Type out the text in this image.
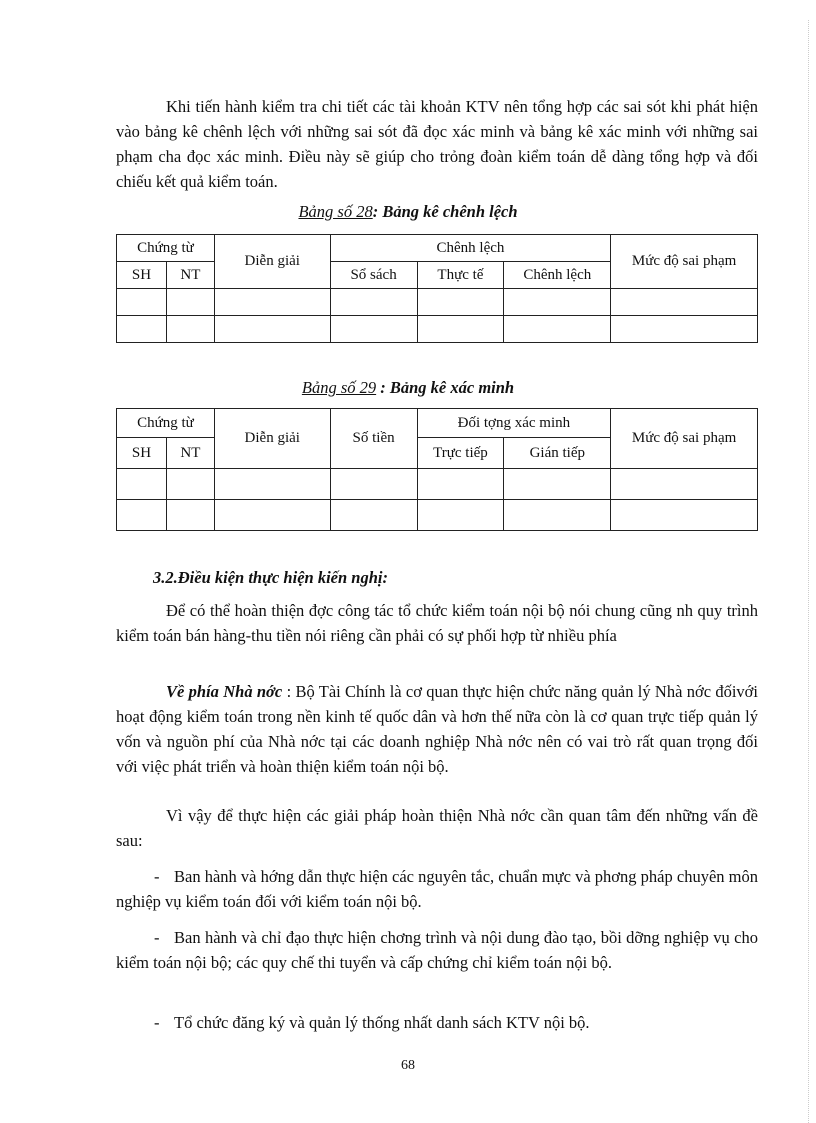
Khi tiến hành kiểm tra chi tiết các tài khoản KTV nên tổng hợp các sai sót khi phát hiện vào bảng kê chênh lệch với những sai sót đã đọc xác minh và bảng kê xác minh với những sai phạm cha đọc xác minh. Điều này sẽ giúp cho trỏng đoàn kiểm toán dễ dàng tổng hợp và đối chiếu kết quả kiểm toán.
Bảng số 28: Bảng kê chênh lệch
Chứng từ		Diễn giải	Chênh lệch			Mức độ sai phạm
SH	NT		Sổ sách	Thực tế	Chênh lệch	

Bảng số 29 : Bảng kê xác minh
Chứng từ		Diễn giải	Số tiền	Đối tợng xác minh		Mức độ sai phạm
SH	NT			Trực tiếp	Gián tiếp	

3.2.Điều kiện thực hiện kiến nghị:
Để có thể hoàn thiện đợc công tác tổ chức kiểm toán nội bộ nói chung cũng nh quy trình kiểm toán bán hàng-thu tiền nói riêng cần phải có sự phối hợp từ nhiều phía
Về phía Nhà nớc : Bộ Tài Chính là cơ quan thực hiện chức năng quản lý Nhà nớc đốivới hoạt động kiểm toán trong nền kinh tế quốc dân và hơn thế nữa còn là cơ quan trực tiếp quản lý vốn và nguồn phí của Nhà nớc tại các doanh nghiệp Nhà nớc nên có vai trò rất quan trọng đối với việc phát triển và hoàn thiện kiểm toán nội bộ.
Vì vậy để thực hiện các giải pháp hoàn thiện Nhà nớc cần quan tâm đến những vấn đề sau:
- Ban hành và hớng dẫn thực hiện các nguyên tắc, chuẩn mực và phơng pháp chuyên môn nghiệp vụ kiểm toán đối với kiểm toán nội bộ.
- Ban hành và chỉ đạo thực hiện chơng trình và nội dung đào tạo, bồi dỡng nghiệp vụ cho kiểm toán nội bộ; các quy chế thi tuyển và cấp chứng chỉ kiểm toán nội bộ.
- Tổ chức đăng ký và quản lý thống nhất danh sách KTV nội bộ.
68
